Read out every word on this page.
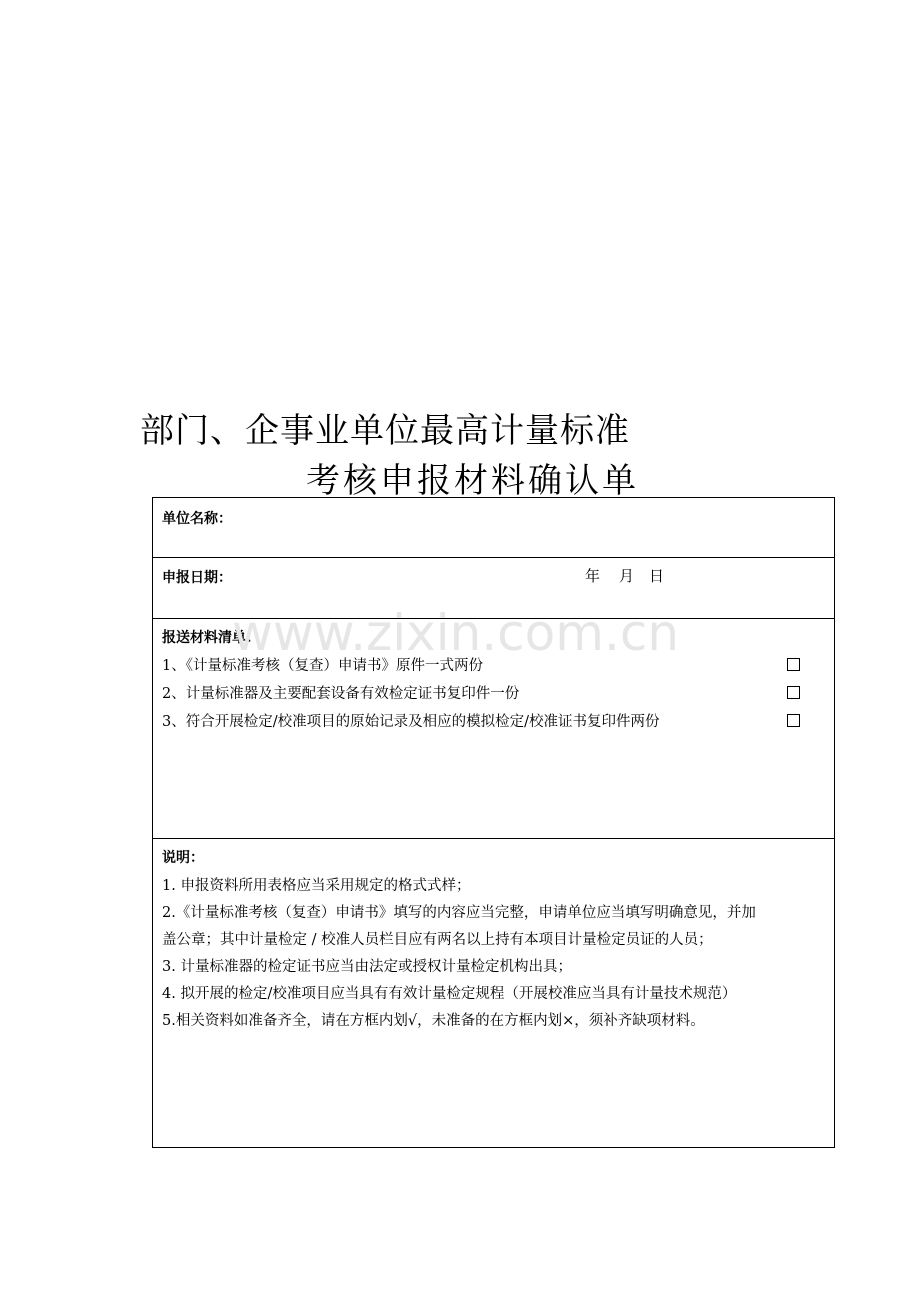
部门、企事业单位最高计量标准
考核申报材料确认单
单位名称：
申报日期：	年 月 日
报送材料清单：
1、《计量标准考核（复查）申请书》原件一式两份
2、计量标准器及主要配套设备有效检定证书复印件一份
3、符合开展检定/校准项目的原始记录及相应的模拟检定/校准证书复印件两份
说明：
1. 申报资料所用表格应当采用规定的格式式样；
2.《计量标准考核（复查）申请书》填写的内容应当完整，申请单位应当填写明确意见，并加
盖公章；其中计量检定 / 校准人员栏目应有两名以上持有本项目计量检定员证的人员；
3. 计量标准器的检定证书应当由法定或授权计量检定机构出具；
4. 拟开展的检定/校准项目应当具有有效计量检定规程（开展校准应当具有计量技术规范）
5.相关资料如准备齐全，请在方框内划√，未准备的在方框内划×，须补齐缺项材料。
www.zixin.com.cn
